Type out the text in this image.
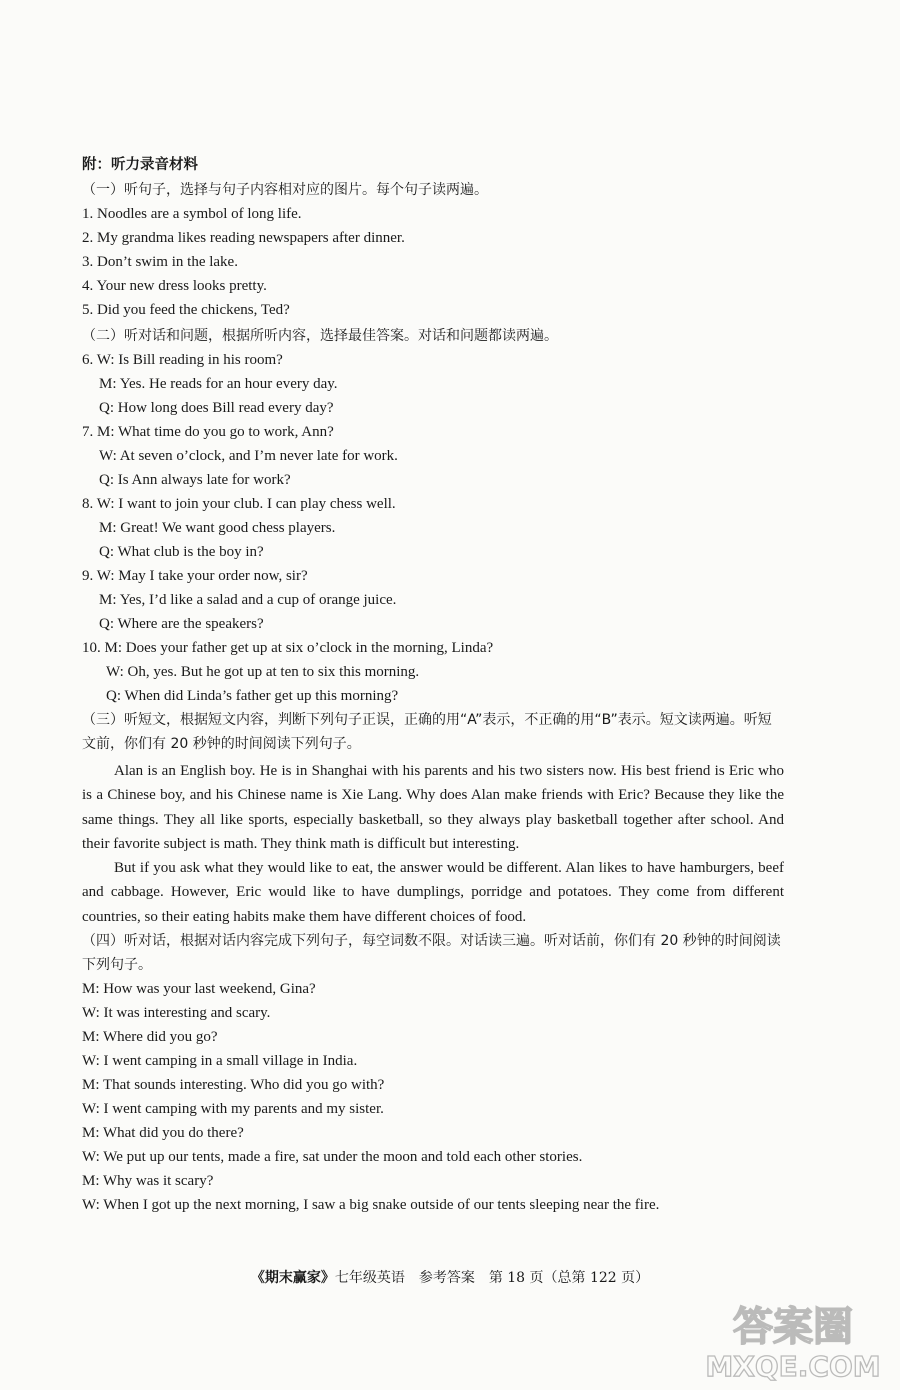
附：听力录音材料
（一）听句子，选择与句子内容相对应的图片。每个句子读两遍。
1. Noodles are a symbol of long life.
2. My grandma likes reading newspapers after dinner.
3. Don’t swim in the lake.
4. Your new dress looks pretty.
5. Did you feed the chickens, Ted?
（二）听对话和问题，根据所听内容，选择最佳答案。对话和问题都读两遍。
6. W: Is Bill reading in his room?
M: Yes. He reads for an hour every day.
Q: How long does Bill read every day?
7. M: What time do you go to work, Ann?
W: At seven o’clock, and I’m never late for work.
Q: Is Ann always late for work?
8. W: I want to join your club. I can play chess well.
M: Great! We want good chess players.
Q: What club is the boy in?
9. W: May I take your order now, sir?
M: Yes, I’d like a salad and a cup of orange juice.
Q: Where are the speakers?
10. M: Does your father get up at six o’clock in the morning, Linda?
W: Oh, yes. But he got up at ten to six this morning.
Q: When did Linda’s father get up this morning?
（三）听短文，根据短文内容，判断下列句子正误，正确的用“A”表示，不正确的用“B”表示。短文读两遍。听短文前，你们有 20 秒钟的时间阅读下列句子。
Alan is an English boy. He is in Shanghai with his parents and his two sisters now. His best friend is Eric who is a Chinese boy, and his Chinese name is Xie Lang. Why does Alan make friends with Eric? Because they like the same things. They all like sports, especially basketball, so they always play basketball together after school. And their favorite subject is math. They think math is difficult but interesting.
But if you ask what they would like to eat, the answer would be different. Alan likes to have hamburgers, beef and cabbage. However, Eric would like to have dumplings, porridge and potatoes. They come from different countries, so their eating habits make them have different choices of food.
（四）听对话，根据对话内容完成下列句子，每空词数不限。对话读三遍。听对话前，你们有 20 秒钟的时间阅读下列句子。
M: How was your last weekend, Gina?
W: It was interesting and scary.
M: Where did you go?
W: I went camping in a small village in India.
M: That sounds interesting. Who did you go with?
W: I went camping with my parents and my sister.
M: What did you do there?
W: We put up our tents, made a fire, sat under the moon and told each other stories.
M: Why was it scary?
W: When I got up the next morning, I saw a big snake outside of our tents sleeping near the fire.
《期末赢家》七年级英语　参考答案　第 18 页（总第 122 页）
答案圈
MXQE.COM
